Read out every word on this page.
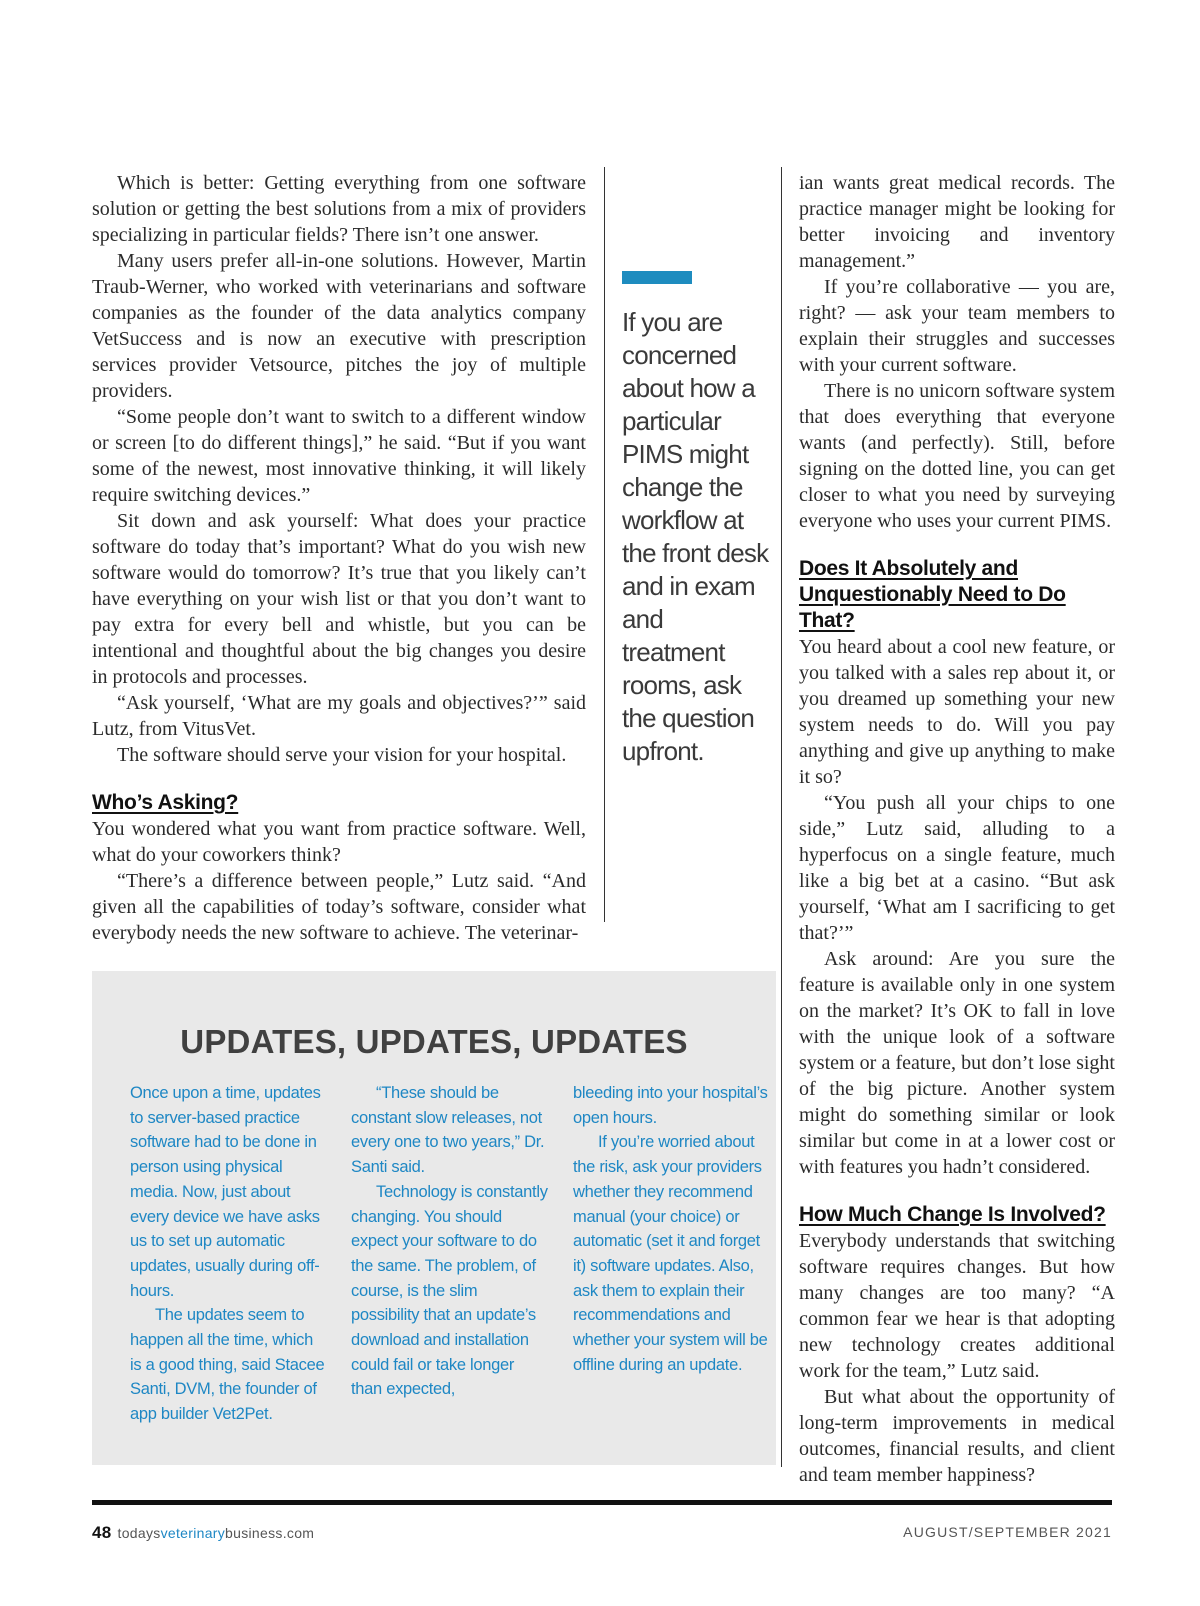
Which is better: Getting everything from one software solution or getting the best solutions from a mix of providers specializing in particular fields? There isn’t one answer.

Many users prefer all-in-one solutions. However, Martin Traub-Werner, who worked with veterinarians and software companies as the founder of the data analytics company VetSuccess and is now an executive with prescription services provider Vetsource, pitches the joy of multiple providers.

“Some people don’t want to switch to a different window or screen [to do different things],” he said. “But if you want some of the newest, most innovative thinking, it will likely require switching devices.”

Sit down and ask yourself: What does your practice software do today that’s important? What do you wish new software would do tomorrow? It’s true that you likely can’t have everything on your wish list or that you don’t want to pay extra for every bell and whistle, but you can be intentional and thoughtful about the big changes you desire in protocols and processes.

“Ask yourself, ‘What are my goals and objectives?’” said Lutz, from VitusVet.

The software should serve your vision for your hospital.

Who’s Asking?

You wondered what you want from practice software. Well, what do your coworkers think?

“There’s a difference between people,” Lutz said. “And given all the capabilities of today’s software, consider what everybody needs the new software to achieve. The veterinar-

If you are concerned about how a particular PIMS might change the workflow at the front desk and in exam and treatment rooms, ask the question upfront.

ian wants great medical records. The practice manager might be looking for better invoicing and inventory management.”

If you’re collaborative — you are, right? — ask your team members to explain their struggles and successes with your current software.

There is no unicorn software system that does everything that everyone wants (and perfectly). Still, before signing on the dotted line, you can get closer to what you need by surveying everyone who uses your current PIMS.

Does It Absolutely and Unquestionably Need to Do That?

You heard about a cool new feature, or you talked with a sales rep about it, or you dreamed up something your new system needs to do. Will you pay anything and give up anything to make it so?

“You push all your chips to one side,” Lutz said, alluding to a hyperfocus on a single feature, much like a big bet at a casino. “But ask yourself, ‘What am I sacrificing to get that?’”

Ask around: Are you sure the feature is available only in one system on the market? It’s OK to fall in love with the unique look of a software system or a feature, but don’t lose sight of the big picture. Another system might do something similar or look similar but come in at a lower cost or with features you hadn’t considered.

How Much Change Is Involved?

Everybody understands that switching software requires changes. But how many changes are too many? “A common fear we hear is that adopting new technology creates additional work for the team,” Lutz said.

But what about the opportunity of long-term improvements in medical outcomes, financial results, and client and team member happiness?

UPDATES, UPDATES, UPDATES

Once upon a time, updates to server-based practice software had to be done in person using physical media. Now, just about every device we have asks us to set up automatic updates, usually during off-hours.

The updates seem to happen all the time, which is a good thing, said Stacee Santi, DVM, the founder of app builder Vet2Pet.

“These should be constant slow releases, not every one to two years,” Dr. Santi said.

Technology is constantly changing. You should expect your software to do the same. The problem, of course, is the slim possibility that an update’s download and installation could fail or take longer than expected,

bleeding into your hospital’s open hours.

If you’re worried about the risk, ask your providers whether they recommend manual (your choice) or automatic (set it and forget it) software updates. Also, ask them to explain their recommendations and whether your system will be offline during an update.

48 todaysveterinarybusiness.com	AUGUST/SEPTEMBER 2021
